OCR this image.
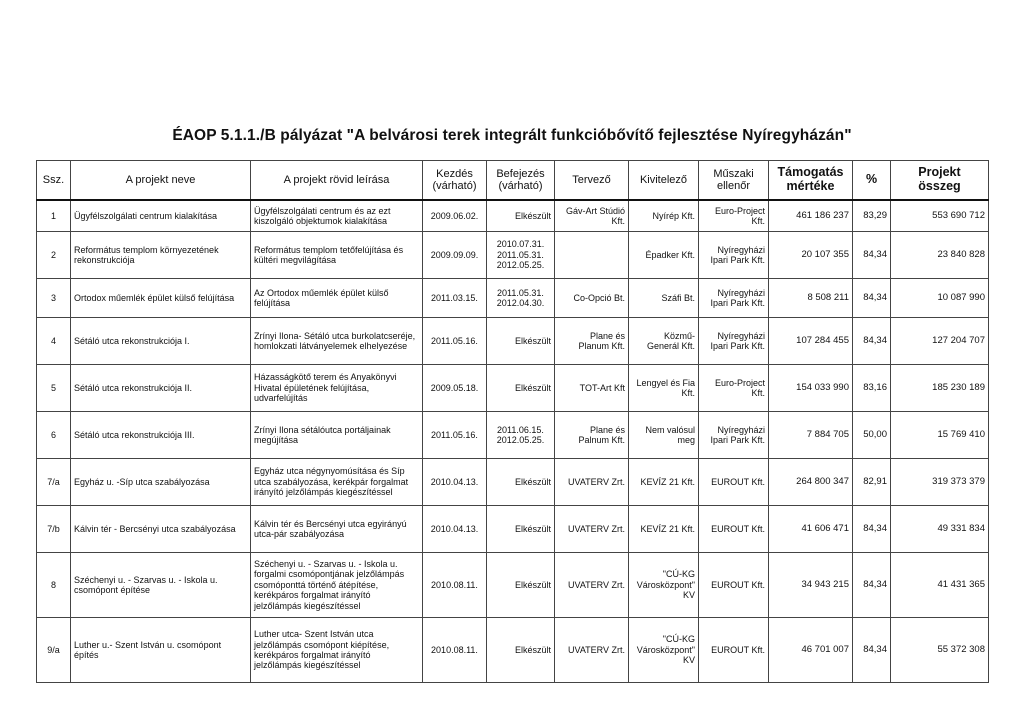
ÉAOP 5.1.1./B pályázat "A belvárosi terek integrált funkcióbővítő fejlesztése Nyíregyházán"
Ssz.	A projekt neve	A projekt rövid leírása	Kezdés
(várható)	Befejezés
(várható)	Tervező	Kivitelező	Műszaki
ellenőr	Támogatás
mértéke	%	Projekt
összeg
1	Ügyfélszolgálati centrum kialakítása	Ügyfélszolgálati centrum és az ezt kiszolgáló objektumok kialakítása	2009.06.02.	Elkészült	Gáv-Art Stúdió Kft.	Nyírép Kft.	Euro-Project Kft.	461 186 237	83,29	553 690 712
2	Református templom környezetének rekonstrukciója	Református templom tetőfelújítása és kültéri megvilágítása	2009.09.09.	2010.07.31.
2011.05.31.
2012.05.25.		Épadker Kft.	Nyíregyházi Ipari Park Kft.	20 107 355	84,34	23 840 828
3	Ortodox műemlék épület külső felújítása	Az Ortodox műemlék épület külső felújítása	2011.03.15.	2011.05.31.
2012.04.30.	Co-Opció Bt.	Száfi Bt.	Nyíregyházi Ipari Park Kft.	8 508 211	84,34	10 087 990
4	Sétáló utca rekonstrukciója I.	Zrínyi Ilona- Sétáló utca burkolatcseréje, homlokzati látványelemek elhelyezése	2011.05.16.	Elkészült	Plane és Planum Kft.	Közmű-Generál Kft.	Nyíregyházi Ipari Park Kft.	107 284 455	84,34	127 204 707
5	Sétáló utca rekonstrukciója II.	Házasságkötő terem és Anyakönyvi Hivatal épületének felújítása, udvarfelújítás	2009.05.18.	Elkészült	TOT-Art Kft	Lengyel és Fia Kft.	Euro-Project Kft.	154 033 990	83,16	185 230 189
6	Sétáló utca rekonstrukciója III.	Zrínyi Ilona sétálóutca portáljainak megújítása	2011.05.16.	2011.06.15.
2012.05.25.	Plane és Palnum Kft.	Nem valósul meg	Nyíregyházi Ipari Park Kft.	7 884 705	50,00	15 769 410
7/a	Egyház u. -Síp utca szabályozása	Egyház utca négynyomúsítása és Síp utca szabályozása, kerékpár forgalmat irányító jelzőlámpás kiegészítéssel	2010.04.13.	Elkészült	UVATERV Zrt.	KEVÍZ 21 Kft.	EUROUT Kft.	264 800 347	82,91	319 373 379
7/b	Kálvin tér - Bercsényi utca szabályozása	Kálvin tér és Bercsényi utca egyirányú utca-pár szabályozása	2010.04.13.	Elkészült	UVATERV Zrt.	KEVÍZ 21 Kft.	EUROUT Kft.	41 606 471	84,34	49 331 834
8	Széchenyi u. - Szarvas u. - Iskola u. csomópont építése	Széchenyi u. - Szarvas u. - Iskola u. forgalmi csomópontjának jelzőlámpás csomóponttá történő átépítése, kerékpáros forgalmat irányító jelzőlámpás kiegészítéssel	2010.08.11.	Elkészült	UVATERV Zrt.	"CÚ-KG Városközpont" KV	EUROUT Kft.	34 943 215	84,34	41 431 365
9/a	Luther u.- Szent István u. csomópont építés	Luther utca- Szent István utca jelzőlámpás csomópont kiépítése, kerékpáros forgalmat irányító jelzőlámpás kiegészítéssel	2010.08.11.	Elkészült	UVATERV Zrt.	"CÚ-KG Városközpont" KV	EUROUT Kft.	46 701 007	84,34	55 372 308
